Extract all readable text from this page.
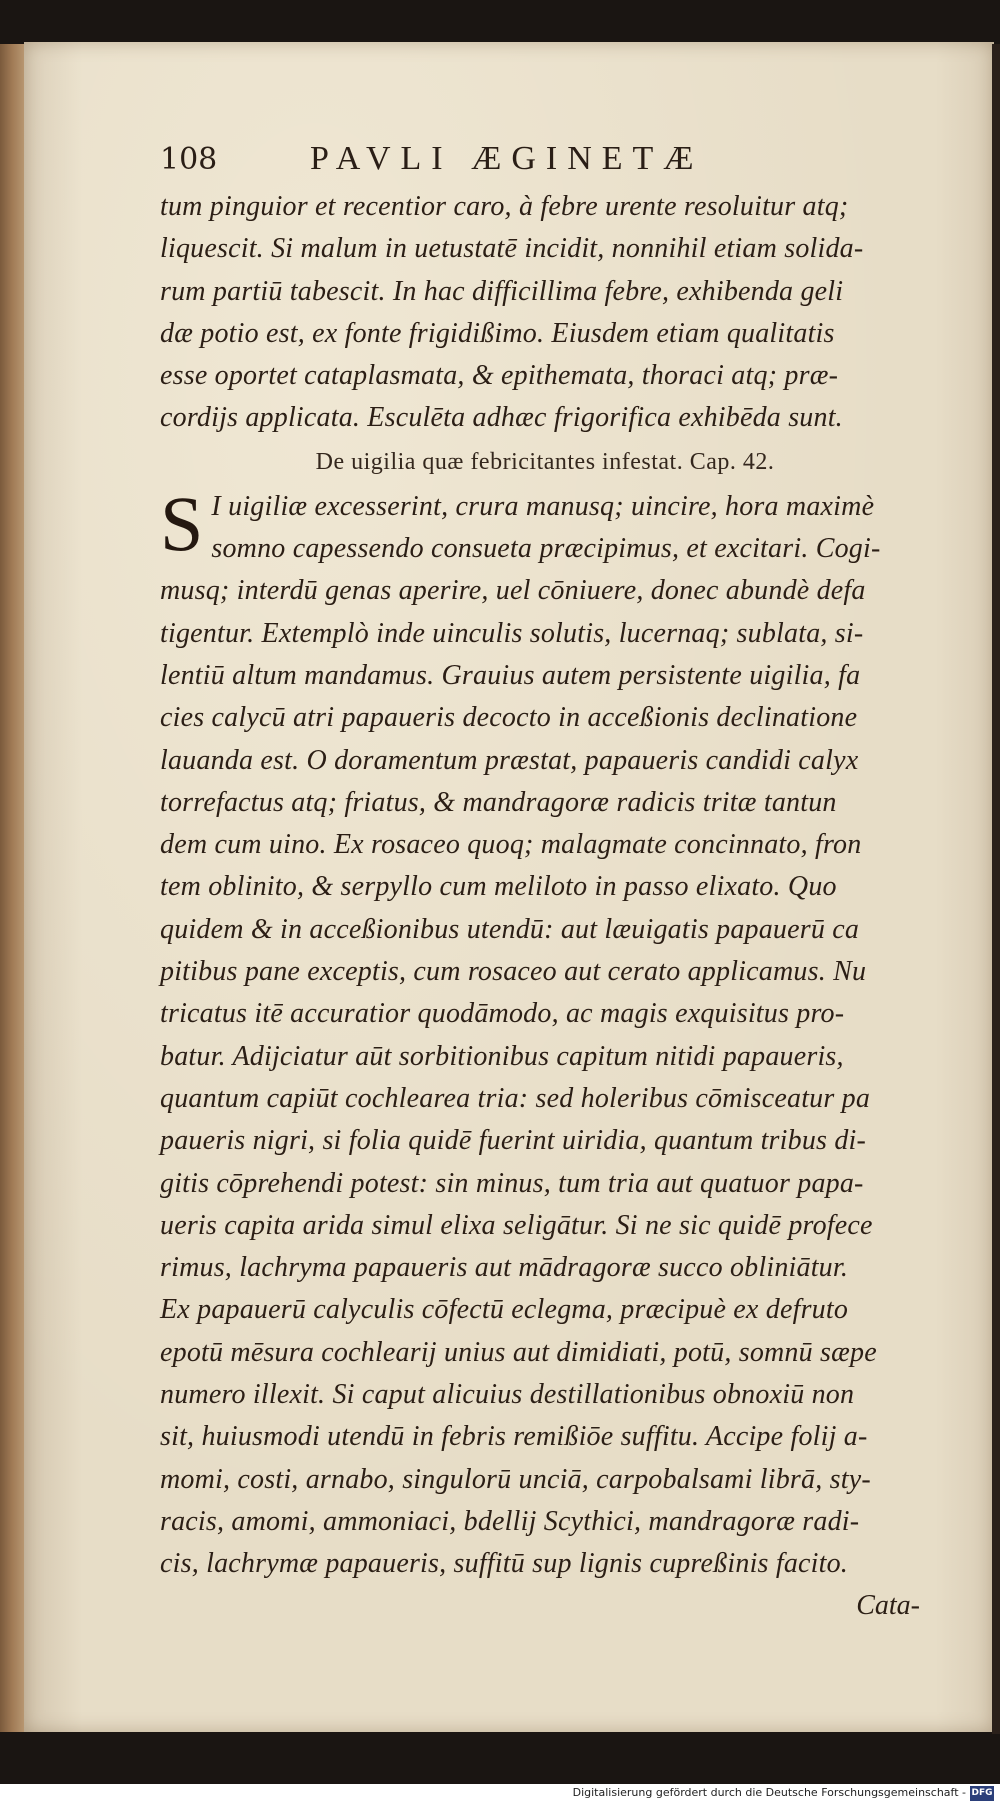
108	PAVLI ÆGINETÆ
tum pinguior et recentior caro, à febre urente resoluitur atq;
liquescit. Si malum in uetustatē incidit, nonnihil etiam solida-
rum partiū tabescit. In hac difficillima febre, exhibenda geli
dæ potio est, ex fonte frigidißimo. Eiusdem etiam qualitatis
esse oportet cataplasmata, & epithemata, thoraci atq; præ-
cordijs applicata. Esculēta adhæc frigorifica exhibēda sunt.
De uigilia quæ febricitantes infestat. Cap. 42.
S I uigiliæ excesserint, crura manusq; uincire, hora maximè
somno capessendo consueta præcipimus, et excitari. Cogi-
musq; interdū genas aperire, uel cōniuere, donec abundè defa
tigentur. Extemplò inde uinculis solutis, lucernaq; sublata, si-
lentiū altum mandamus. Grauius autem persistente uigilia, fa
cies calycū atri papaueris decocto in acceßionis declinatione
lauanda est. O doramentum præstat, papaueris candidi calyx
torrefactus atq; friatus, & mandragoræ radicis tritæ tantun
dem cum uino. Ex rosaceo quoq; malagmate concinnato, fron
tem oblinito, & serpyllo cum meliloto in passo elixato. Quo
quidem & in acceßionibus utendū: aut læuigatis papauerū ca
pitibus pane exceptis, cum rosaceo aut cerato applicamus. Nu
tricatus itē accuratior quodāmodo, ac magis exquisitus pro-
batur. Adijciatur aūt sorbitionibus capitum nitidi papaueris,
quantum capiūt cochlearea tria: sed holeribus cōmisceatur pa
paueris nigri, si folia quidē fuerint uiridia, quantum tribus di-
gitis cōprehendi potest: sin minus, tum tria aut quatuor papa-
ueris capita arida simul elixa seligātur. Si ne sic quidē profece
rimus, lachryma papaueris aut mādragoræ succo obliniātur.
Ex papauerū calyculis cōfectū eclegma, præcipuè ex defruto
epotū mēsura cochlearij unius aut dimidiati, potū, somnū sæpe
numero illexit. Si caput alicuius destillationibus obnoxiū non
sit, huiusmodi utendū in febris remißiōe suffitu. Accipe folij a-
momi, costi, arnabo, singulorū unciā, carpobalsami librā, sty-
racis, amomi, ammoniaci, bdellij Scythici, mandragoræ radi-
cis, lachrymæ papaueris, suffitū sup lignis cupreßinis facito.
Cata-
Digitalisierung gefördert durch die Deutsche Forschungsgemeinschaft - DFG
